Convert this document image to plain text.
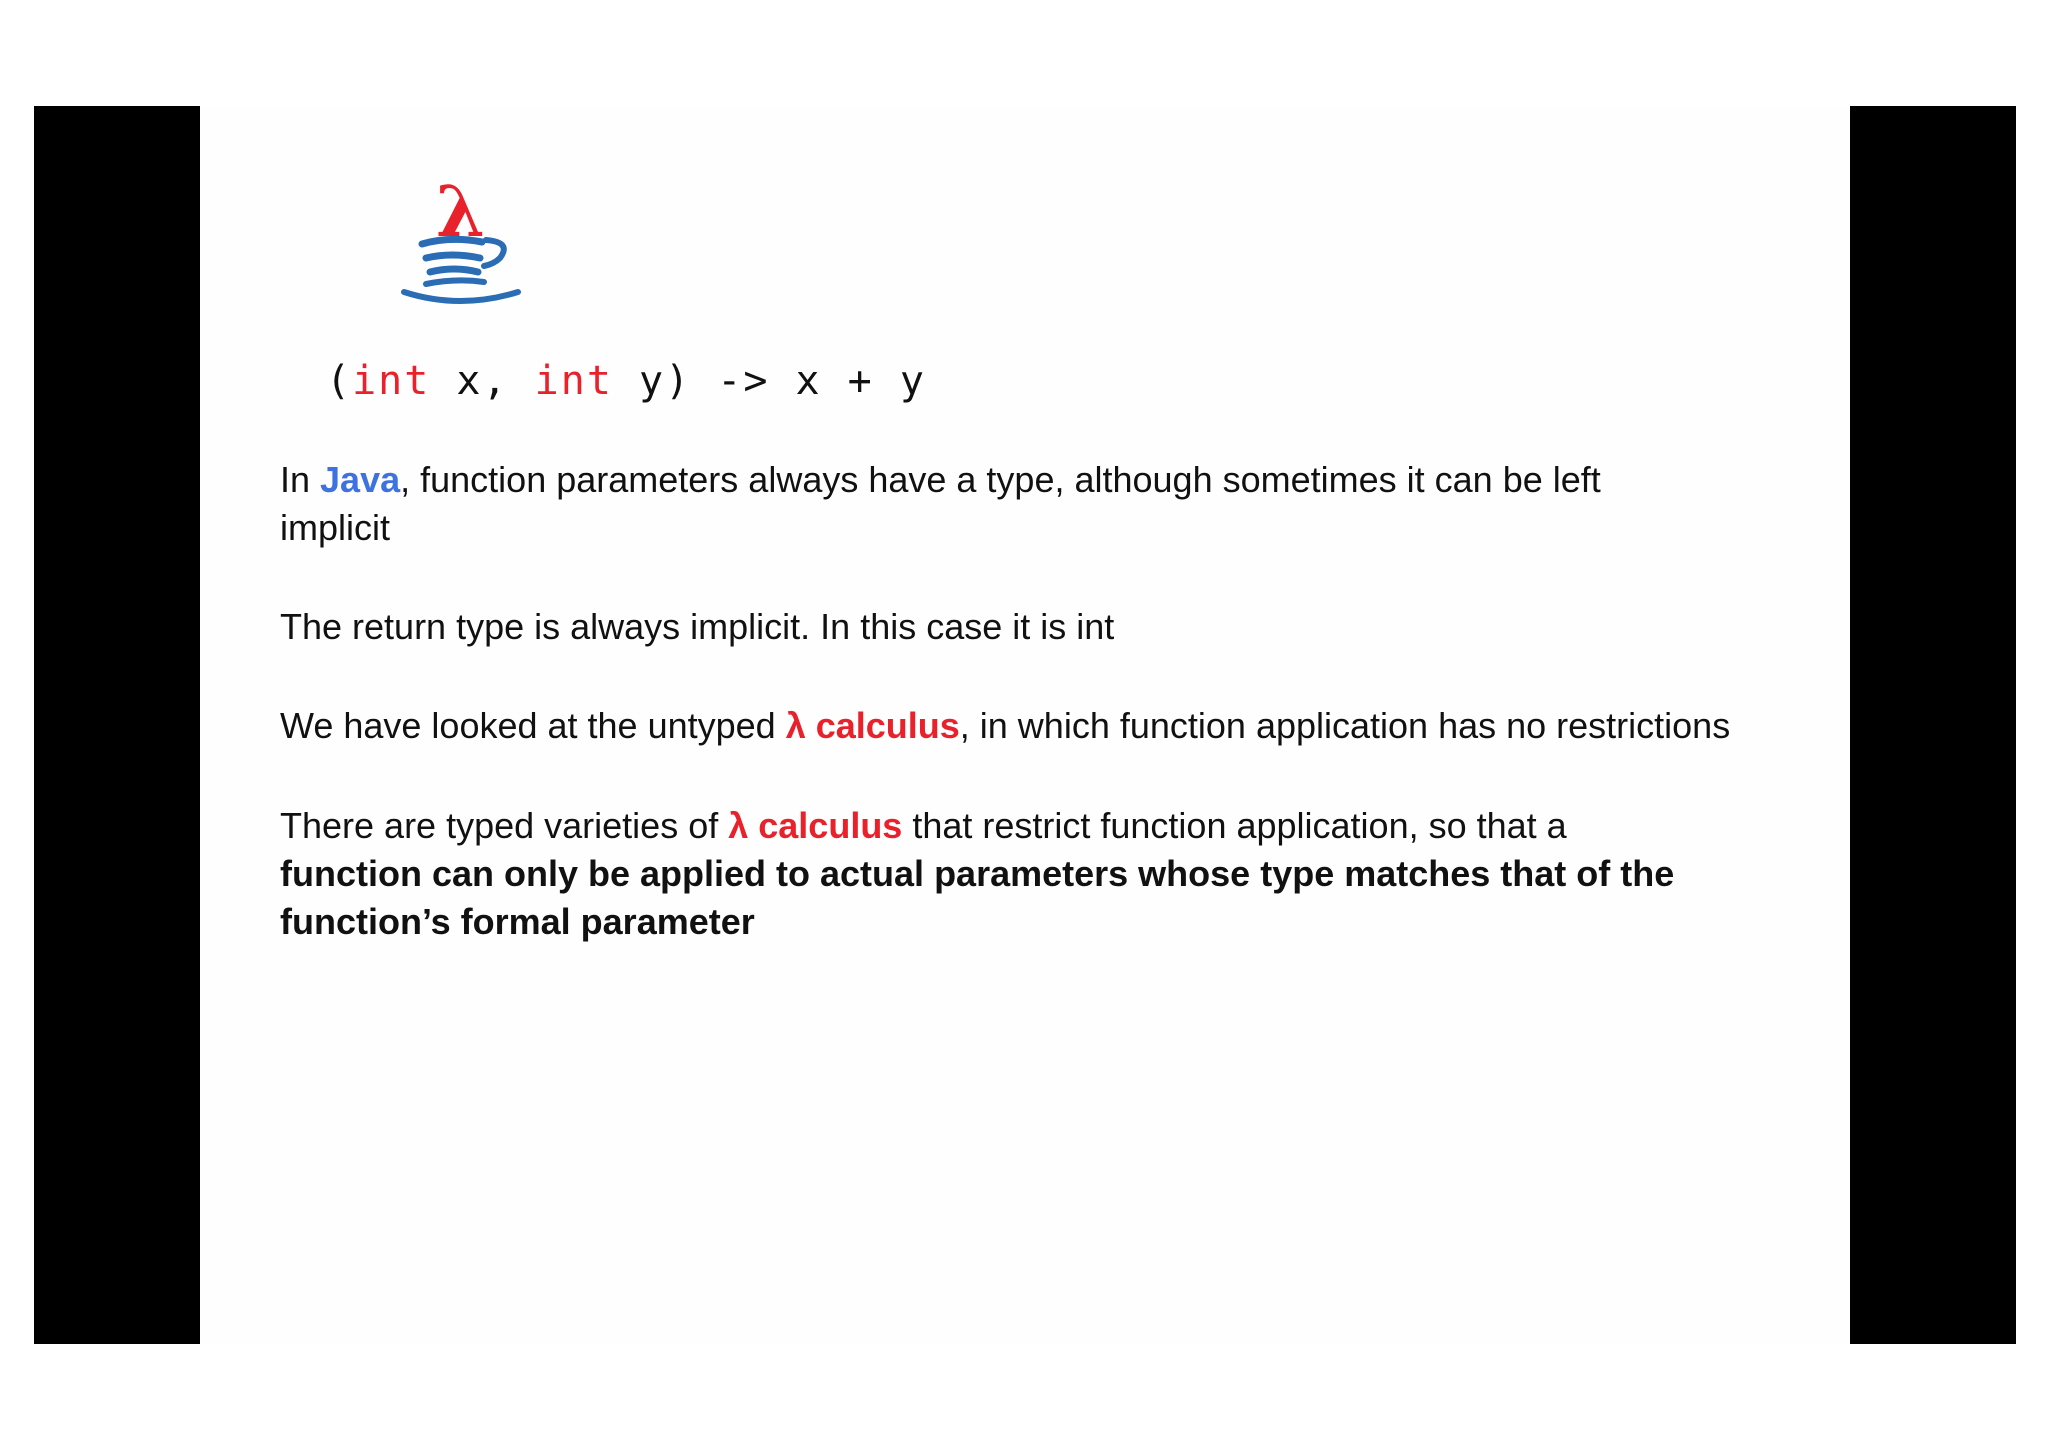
λ
(int x, int y) -> x + y
In Java, function parameters always have a type, although sometimes it can be left implicit
The return type is always implicit. In this case it is int
We have looked at the untyped λ calculus, in which function application has no restrictions
There are typed varieties of λ calculus that restrict function application, so that a function can only be applied to actual parameters whose type matches that of the function’s formal parameter
